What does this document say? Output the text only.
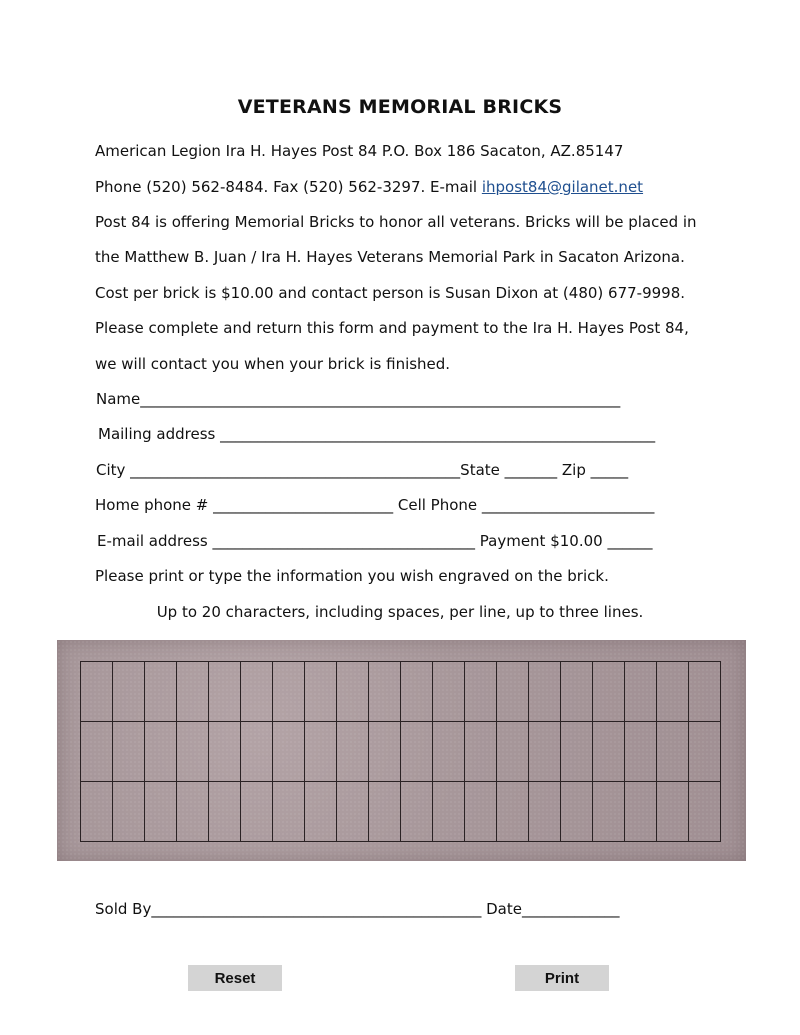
VETERANS MEMORIAL BRICKS
American Legion Ira H. Hayes Post 84 P.O. Box 186 Sacaton, AZ.85147
Phone (520) 562-8484. Fax (520) 562-3297. E-mail ihpost84@gilanet.net
Post 84 is offering Memorial Bricks to honor all veterans. Bricks will be placed in
the Matthew B. Juan / Ira H. Hayes Veterans Memorial Park in Sacaton Arizona.
Cost per brick is $10.00 and contact person is Susan Dixon at (480) 677-9998.
Please complete and return this form and payment to the Ira H. Hayes Post 84,
we will contact you when your brick is finished.
Name________________________________________________________________
Mailing address __________________________________________________________
City ____________________________________________State _______ Zip _____
Home phone # ________________________ Cell Phone _______________________
E-mail address ___________________________________ Payment $10.00 ______
Please print or type the information you wish engraved on the brick.
Up to 20 characters, including spaces, per line, up to three lines.
Sold By____________________________________________ Date_____________
Reset	Print
